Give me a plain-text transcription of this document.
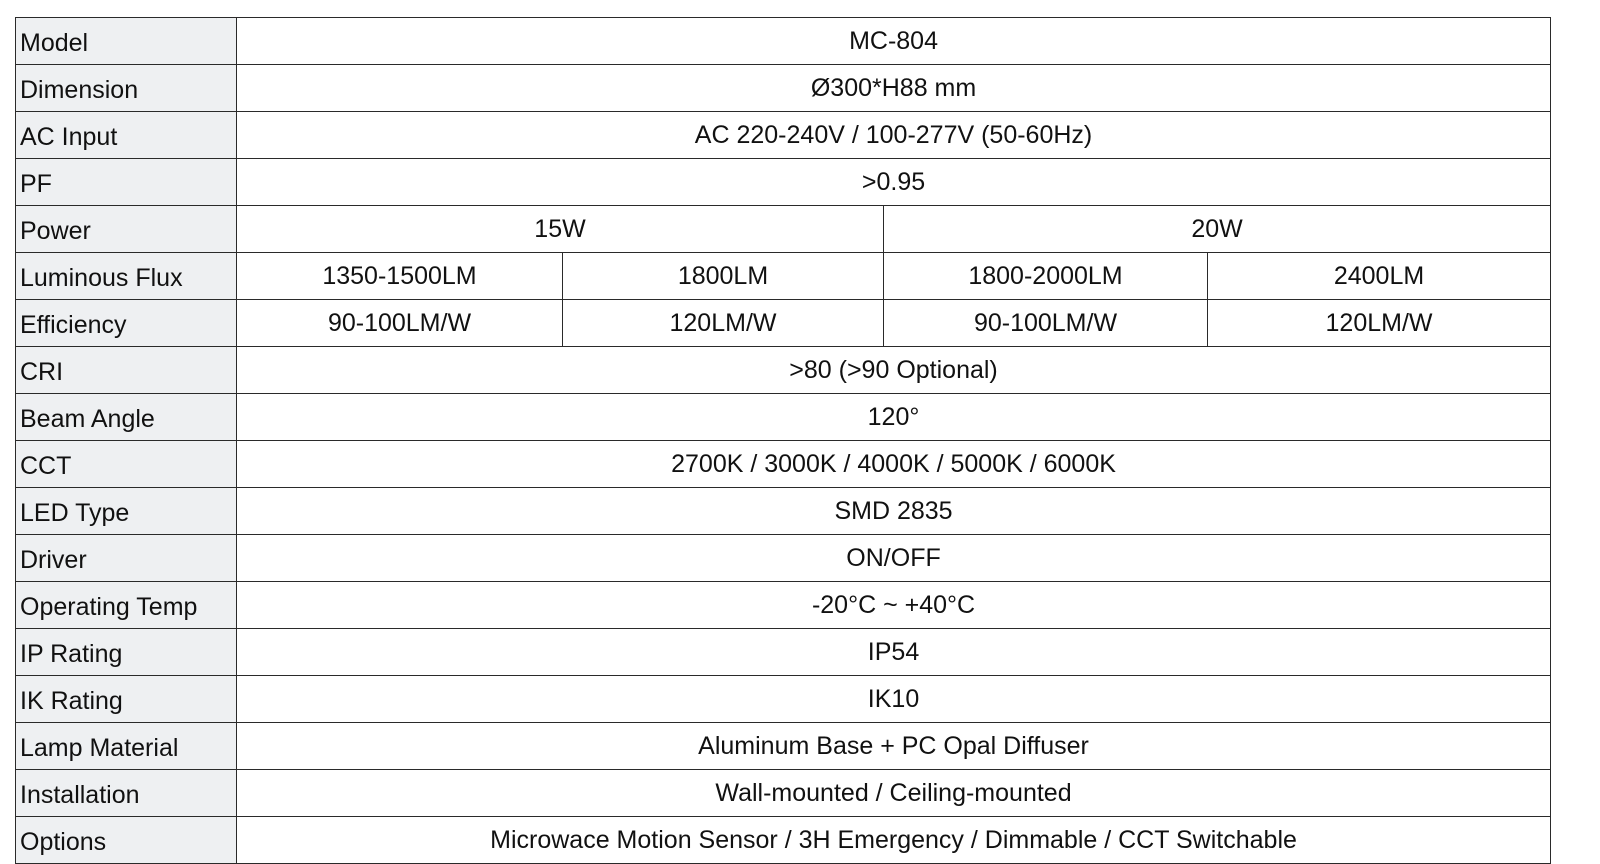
Model	MC-804			
Dimension	Ø300*H88 mm			
AC Input	AC 220-240V / 100-277V (50-60Hz)			
PF	>0.95			
Power	15W		20W	
Luminous Flux	1350-1500LM	1800LM	1800-2000LM	2400LM
Efficiency	90-100LM/W	120LM/W	90-100LM/W	120LM/W
CRI	>80 (>90 Optional)			
Beam Angle	120°			
CCT	2700K / 3000K / 4000K / 5000K / 6000K			
LED Type	SMD 2835			
Driver	ON/OFF			
Operating Temp	-20°C ~ +40°C			
IP Rating	IP54			
IK Rating	IK10			
Lamp Material	Aluminum Base + PC Opal Diffuser			
Installation	Wall-mounted / Ceiling-mounted			
Options	Microwace Motion Sensor / 3H Emergency / Dimmable / CCT Switchable			
